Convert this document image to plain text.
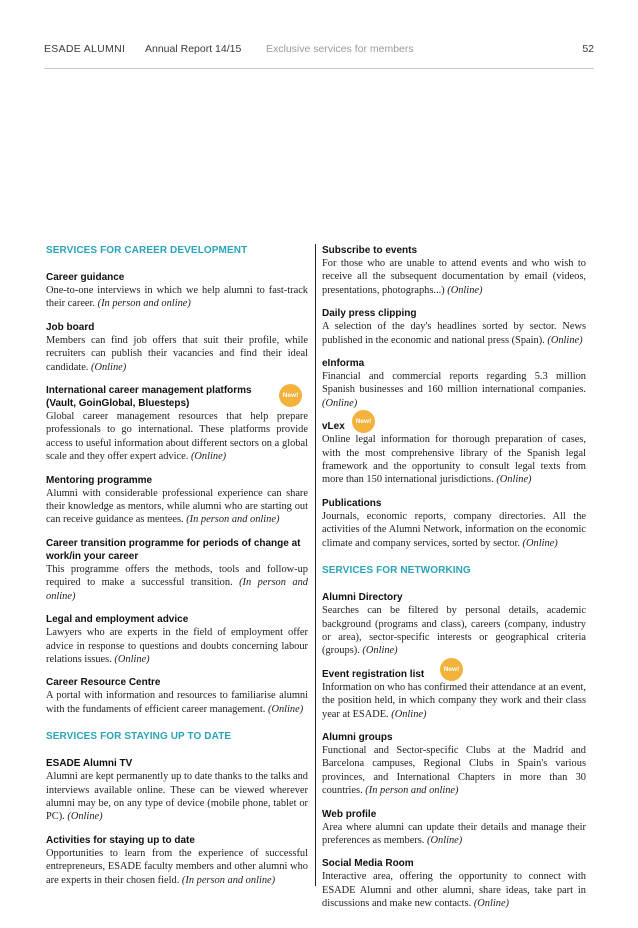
ESADE ALUMNI Annual Report 14/15 Exclusive services for members	52

SERVICES FOR CAREER DEVELOPMENT

Career guidance

One-to-one interviews in which we help alumni to fast-track their career. (In person and online)

Job board

Members can find job offers that suit their profile, while recruiters can publish their vacancies and find their ideal candidate. (Online)

International career management platforms (Vault, GoinGlobal, Bluesteps)

New!

Global career management resources that help prepare professionals to go international. These platforms provide access to useful information about different sectors on a global scale and they offer expert advice. (Online)

Mentoring programme

Alumni with considerable professional experience can share their knowledge as mentors, while alumni who are starting out can receive guidance as mentees. (In person and online)

Career transition programme for periods of change at work/in your career

This programme offers the methods, tools and follow-up required to make a successful transition. (In person and online)

Legal and employment advice

Lawyers who are experts in the field of employment offer advice in response to questions and doubts concerning labour relations issues. (Online)

Career Resource Centre

A portal with information and resources to familiarise alumni with the fundaments of efficient career management. (Online)

SERVICES FOR STAYING UP TO DATE

ESADE Alumni TV

Alumni are kept permanently up to date thanks to the talks and interviews available online. These can be viewed wherever alumni may be, on any type of device (mobile phone, tablet or PC). (Online)

Activities for staying up to date

Opportunities to learn from the experience of successful entrepreneurs, ESADE faculty members and other alumni who are experts in their chosen field. (In person and online)

Subscribe to events

For those who are unable to attend events and who wish to receive all the subsequent documentation by email (videos, presentations, photographs...) (Online)

Daily press clipping

A selection of the day's headlines sorted by sector. News published in the economic and national press (Spain). (Online)

eInforma

Financial and commercial reports regarding 5.3 million Spanish businesses and 160 million international companies. (Online)

New!

vLex

Online legal information for thorough preparation of cases, with the most comprehensive library of the Spanish legal framework and the opportunity to consult legal texts from more than 150 international jurisdictions. (Online)

Publications

Journals, economic reports, company directories. All the activities of the Alumni Network, information on the economic climate and company services, sorted by sector. (Online)

SERVICES FOR NETWORKING

Alumni Directory

Searches can be filtered by personal details, academic background (programs and class), careers (company, industry or area), sector-specific interests or geographical criteria (groups). (Online)

New!

Event registration list

Information on who has confirmed their attendance at an event, the position held, in which company they work and their class year at ESADE. (Online)

Alumni groups

Functional and Sector-specific Clubs at the Madrid and Barcelona campuses, Regional Clubs in Spain's various provinces, and International Chapters in more than 30 countries. (In person and online)

Web profile

Area where alumni can update their details and manage their preferences as members. (Online)

Social Media Room

Interactive area, offering the opportunity to connect with ESADE Alumni and other alumni, share ideas, take part in discussions and make new contacts. (Online)
